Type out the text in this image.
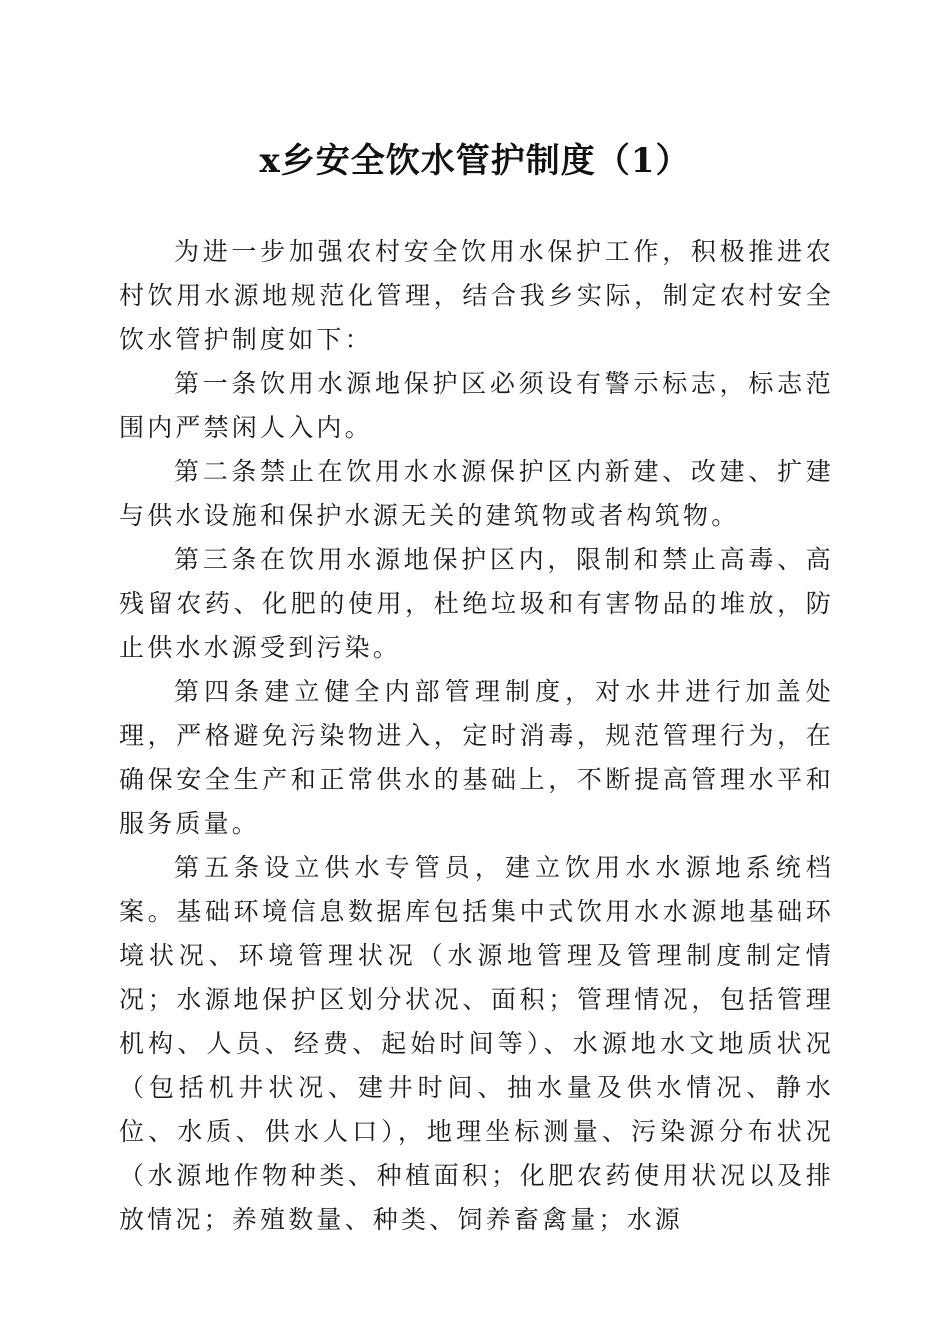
x乡安全饮水管护制度（1）

为进一步加强农村安全饮用水保护工作，积极推进农村饮用水源地规范化管理，结合我乡实际，制定农村安全饮水管护制度如下：

第一条饮用水源地保护区必须设有警示标志，标志范围内严禁闲人入内。

第二条禁止在饮用水水源保护区内新建、改建、扩建与供水设施和保护水源无关的建筑物或者构筑物。

第三条在饮用水源地保护区内，限制和禁止高毒、高残留农药、化肥的使用，杜绝垃圾和有害物品的堆放，防止供水水源受到污染。

第四条建立健全内部管理制度，对水井进行加盖处理，严格避免污染物进入，定时消毒，规范管理行为，在确保安全生产和正常供水的基础上，不断提高管理水平和服务质量。

第五条设立供水专管员，建立饮用水水源地系统档案。基础环境信息数据库包括集中式饮用水水源地基础环境状况、环境管理状况（水源地管理及管理制度制定情况；水源地保护区划分状况、面积；管理情况，包括管理机构、人员、经费、起始时间等）、水源地水文地质状况（包括机井状况、建井时间、抽水量及供水情况、静水位、水质、供水人口），地理坐标测量、污染源分布状况（水源地作物种类、种植面积；化肥农药使用状况以及排放情况；养殖数量、种类、饲养畜禽量；水源
